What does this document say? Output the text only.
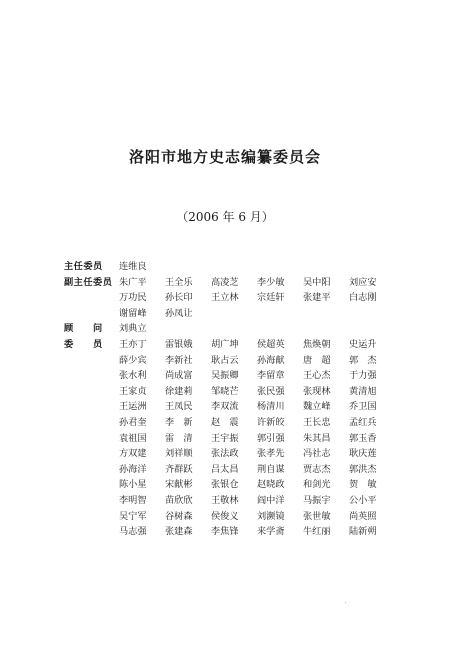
洛阳市地方史志编纂委员会
（2006 年 6 月）
主任委员	连维良
副主任委员 朱广平	王全乐	高凌芝	李少敏	吴中阳	刘应安
万功民	孙长印	王立林	宗廷轩	张建平	白志刚
谢留峰	孙凤让
顾　　问	刘典立
委　　员	王亦丁	雷银娥	胡广坤	侯超英	焦焕朝	史运升
薛少宾	李新社	耿占云	孙海献	唐　超	郭　杰
张水利	尚成富	吴振卿	李留章	王心杰	于力强
王家贞	徐建莉	邹晓芒	张民强	张现林	黄清旭
王运洲	王凤民	李双流	杨清川	魏立峰	乔卫国
孙君奎	李　新	赵　震	许新皎	王长忠	孟红兵
袁祖国	雷　清	王宇振	郭引强	朱其昌	郭玉香
方双建	刘祥顺	张法政	张孝先	冯社志	耿庆莲
孙海洋	齐群跃	吕太昌	荆自谋	贾志杰	郭洪杰
陈小星	宋献彬	张银仓	赵晓政	和剑光	贺　敏
李明智	苗欣欣	王敬林	阎中洋	马振宇	公小平
吴宁军	谷树森	侯俊义	刘濒镜	张世敏	尚英照
马志强	张建森	李焦锋	来学斋	牛红丽	陆新朔
